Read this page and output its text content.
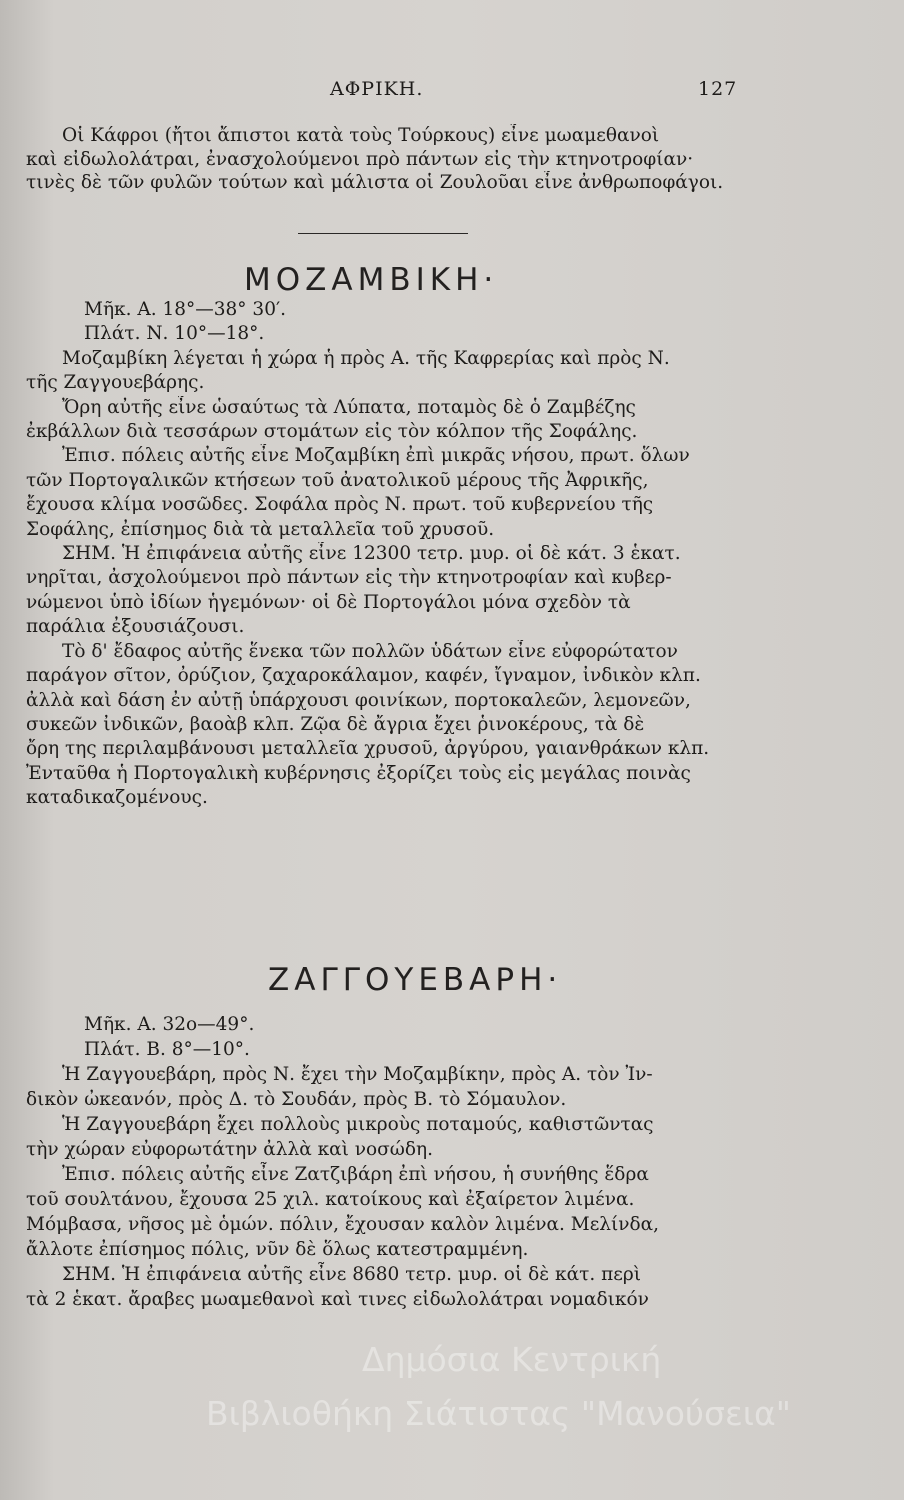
ΑΦΡΙΚΗ.	127
Οἱ Κάφροι (ἤτοι ἄπιστοι κατὰ τοὺς Τούρκους) εἶνε μωαμεθανοὶ
καὶ εἰδωλολάτραι, ἐνασχολούμενοι πρὸ πάντων εἰς τὴν κτηνοτροφίαν·
τινὲς δὲ τῶν φυλῶν τούτων καὶ μάλιστα οἱ Ζουλοῦαι εἶνε ἀνθρωποφάγοι.
ΜΟΖΑΜΒΙΚΗ·
Μῆκ. Α. 18°—38° 30′.
Πλάτ. Ν. 10°—18°.
Μοζαμβίκη λέγεται ἡ χώρα ἡ πρὸς Α. τῆς Καφρερίας καὶ πρὸς Ν.
τῆς Ζαγγουεβάρης.
Ὄρη αὐτῆς εἶνε ὡσαύτως τὰ Λύπατα, ποταμὸς δὲ ὁ Ζαμβέζης
ἐκβάλλων διὰ τεσσάρων στομάτων εἰς τὸν κόλπον τῆς Σοφάλης.
Ἐπισ. πόλεις αὐτῆς εἶνε Μοζαμβίκη ἐπὶ μικρᾶς νήσου, πρωτ. ὅλων
τῶν Πορτογαλικῶν κτήσεων τοῦ ἀνατολικοῦ μέρους τῆς Ἀφρικῆς,
ἔχουσα κλίμα νοσῶδες. Σοφάλα πρὸς Ν. πρωτ. τοῦ κυβερνείου τῆς
Σοφάλης, ἐπίσημος διὰ τὰ μεταλλεῖα τοῦ χρυσοῦ.
ΣΗΜ. Ἡ ἐπιφάνεια αὐτῆς εἶνε 12300 τετρ. μυρ. οἱ δὲ κάτ. 3 ἑκατ.
νηρῖται, ἀσχολούμενοι πρὸ πάντων εἰς τὴν κτηνοτροφίαν καὶ κυβερ-
νώμενοι ὑπὸ ἰδίων ἡγεμόνων· οἱ δὲ Πορτογάλοι μόνα σχεδὸν τὰ
παράλια ἐξουσιάζουσι.
Τὸ δ' ἔδαφος αὐτῆς ἕνεκα τῶν πολλῶν ὑδάτων εἶνε εὐφορώτατον
παράγον σῖτον, ὀρύζιον, ζαχαροκάλαμον, καφέν, ἴγναμον, ἰνδικὸν κλπ.
ἀλλὰ καὶ δάση ἐν αὐτῇ ὑπάρχουσι φοινίκων, πορτοκαλεῶν, λεμονεῶν,
συκεῶν ἰνδικῶν, βαοὰβ κλπ. Ζῷα δὲ ἄγρια ἔχει ῥινοκέρους, τὰ δὲ
ὄρη της περιλαμβάνουσι μεταλλεῖα χρυσοῦ, ἀργύρου, γαιανθράκων κλπ.
Ἐνταῦθα ἡ Πορτογαλικὴ κυβέρνησις ἐξορίζει τοὺς εἰς μεγάλας ποινὰς
καταδικαζομένους.
ΖΑΓΓΟΥΕΒΑΡΗ·
Μῆκ. Α. 32ο—49°.
Πλάτ. Β. 8°—10°.
Ἡ Ζαγγουεβάρη, πρὸς Ν. ἔχει τὴν Μοζαμβίκην, πρὸς Α. τὸν Ἰν-
δικὸν ὠκεανόν, πρὸς Δ. τὸ Σουδάν, πρὸς Β. τὸ Σόμαυλον.
Ἡ Ζαγγουεβάρη ἔχει πολλοὺς μικροὺς ποταμούς, καθιστῶντας
τὴν χώραν εὐφορωτάτην ἀλλὰ καὶ νοσώδη.
Ἐπισ. πόλεις αὐτῆς εἶνε Ζατζιβάρη ἐπὶ νήσου, ἡ συνήθης ἕδρα
τοῦ σουλτάνου, ἔχουσα 25 χιλ. κατοίκους καὶ ἐξαίρετον λιμένα.
Μόμβασα, νῆσος μὲ ὁμών. πόλιν, ἔχουσαν καλὸν λιμένα. Μελίνδα,
ἄλλοτε ἐπίσημος πόλις, νῦν δὲ ὅλως κατεστραμμένη.
ΣΗΜ. Ἡ ἐπιφάνεια αὐτῆς εἶνε 8680 τετρ. μυρ. οἱ δὲ κάτ. περὶ
τὰ 2 ἑκατ. ἄραβες μωαμεθανοὶ καὶ τινες εἰδωλολάτραι νομαδικόν
Δημόσια Κεντρική
Βιβλιοθήκη Σιάτιστας "Μανούσεια"
